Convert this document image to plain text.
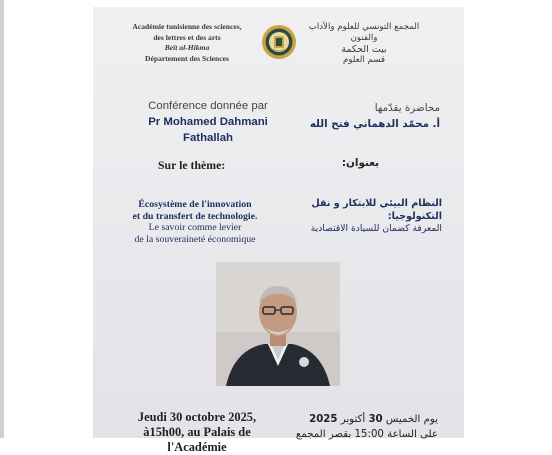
Académie tunisienne des sciences,
des lettres et des arts
Beït al-Hikma
Département des Sciences
المجمع التونسي للعلوم والآداب والفنون
بيت الحكمة
قسم العلوم
Conférence donnée par
Pr Mohamed Dahmani Fathallah
محاضرة يقدّمها
أ. محمّد الدهماني فتح الله
Sur le thème:	بعنوان:
Écosystème de l'innovation
et du transfert de technologie.
Le savoir comme levier
de la souveraineté économique
النظام البيئي للابتكار و نقل
التكنولوجيا:
المعرفة كضمان للسيادة الاقتصادية
Jeudi 30 octobre 2025,
à15h00, au Palais de l'Académie
يوم الخميس 30 أكتوبر 2025
على الساعة 15:00 بقصر المجمع
